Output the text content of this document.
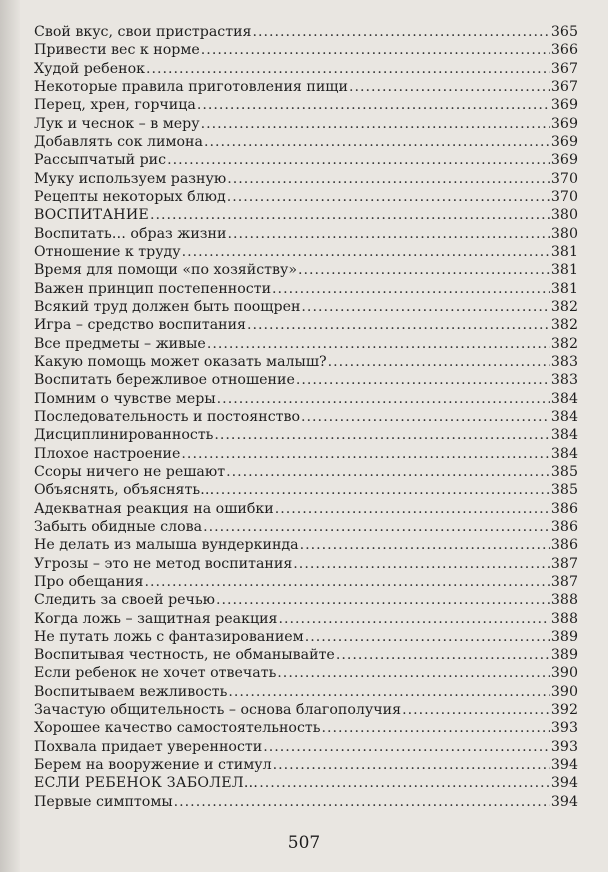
Свой вкус, свои пристрастия .....	365
Привести вес к норме .....	366
Худой ребенок .....	367
Некоторые правила приготовления пищи .....	367
Перец, хрен, горчица .....	369
Лук и чеснок – в меру .....	369
Добавлять сок лимона .....	369
Рассыпчатый рис .....	369
Муку используем разную .....	370
Рецепты некоторых блюд .....	370
ВОСПИТАНИЕ .....	380
Воспитать… образ жизни .....	380
Отношение к труду .....	381
Время для помощи «по хозяйству» .....	381
Важен принцип постепенности .....	381
Всякий труд должен быть поощрен .....	382
Игра – средство воспитания .....	382
Все предметы – живые .....	382
Какую помощь может оказать малыш? .....	383
Воспитать бережливое отношение .....	383
Помним о чувстве меры .....	384
Последовательность и постоянство .....	384
Дисциплинированность .....	384
Плохое настроение .....	384
Ссоры ничего не решают .....	385
Объяснять, объяснять… .....	385
Адекватная реакция на ошибки .....	386
Забыть обидные слова .....	386
Не делать из малыша вундеркинда .....	386
Угрозы – это не метод воспитания .....	387
Про обещания .....	387
Следить за своей речью .....	388
Когда ложь – защитная реакция .....	388
Не путать ложь с фантазированием .....	389
Воспитывая честность, не обманывайте .....	389
Если ребенок не хочет отвечать .....	390
Воспитываем вежливость .....	390
Зачастую общительность – основа благополучия .....	392
Хорошее качество самостоятельность .....	393
Похвала придает уверенности .....	393
Берем на вооружение и стимул .....	394
ЕСЛИ РЕБЕНОК ЗАБОЛЕЛ… .....	394
Первые симптомы .....	394
507
